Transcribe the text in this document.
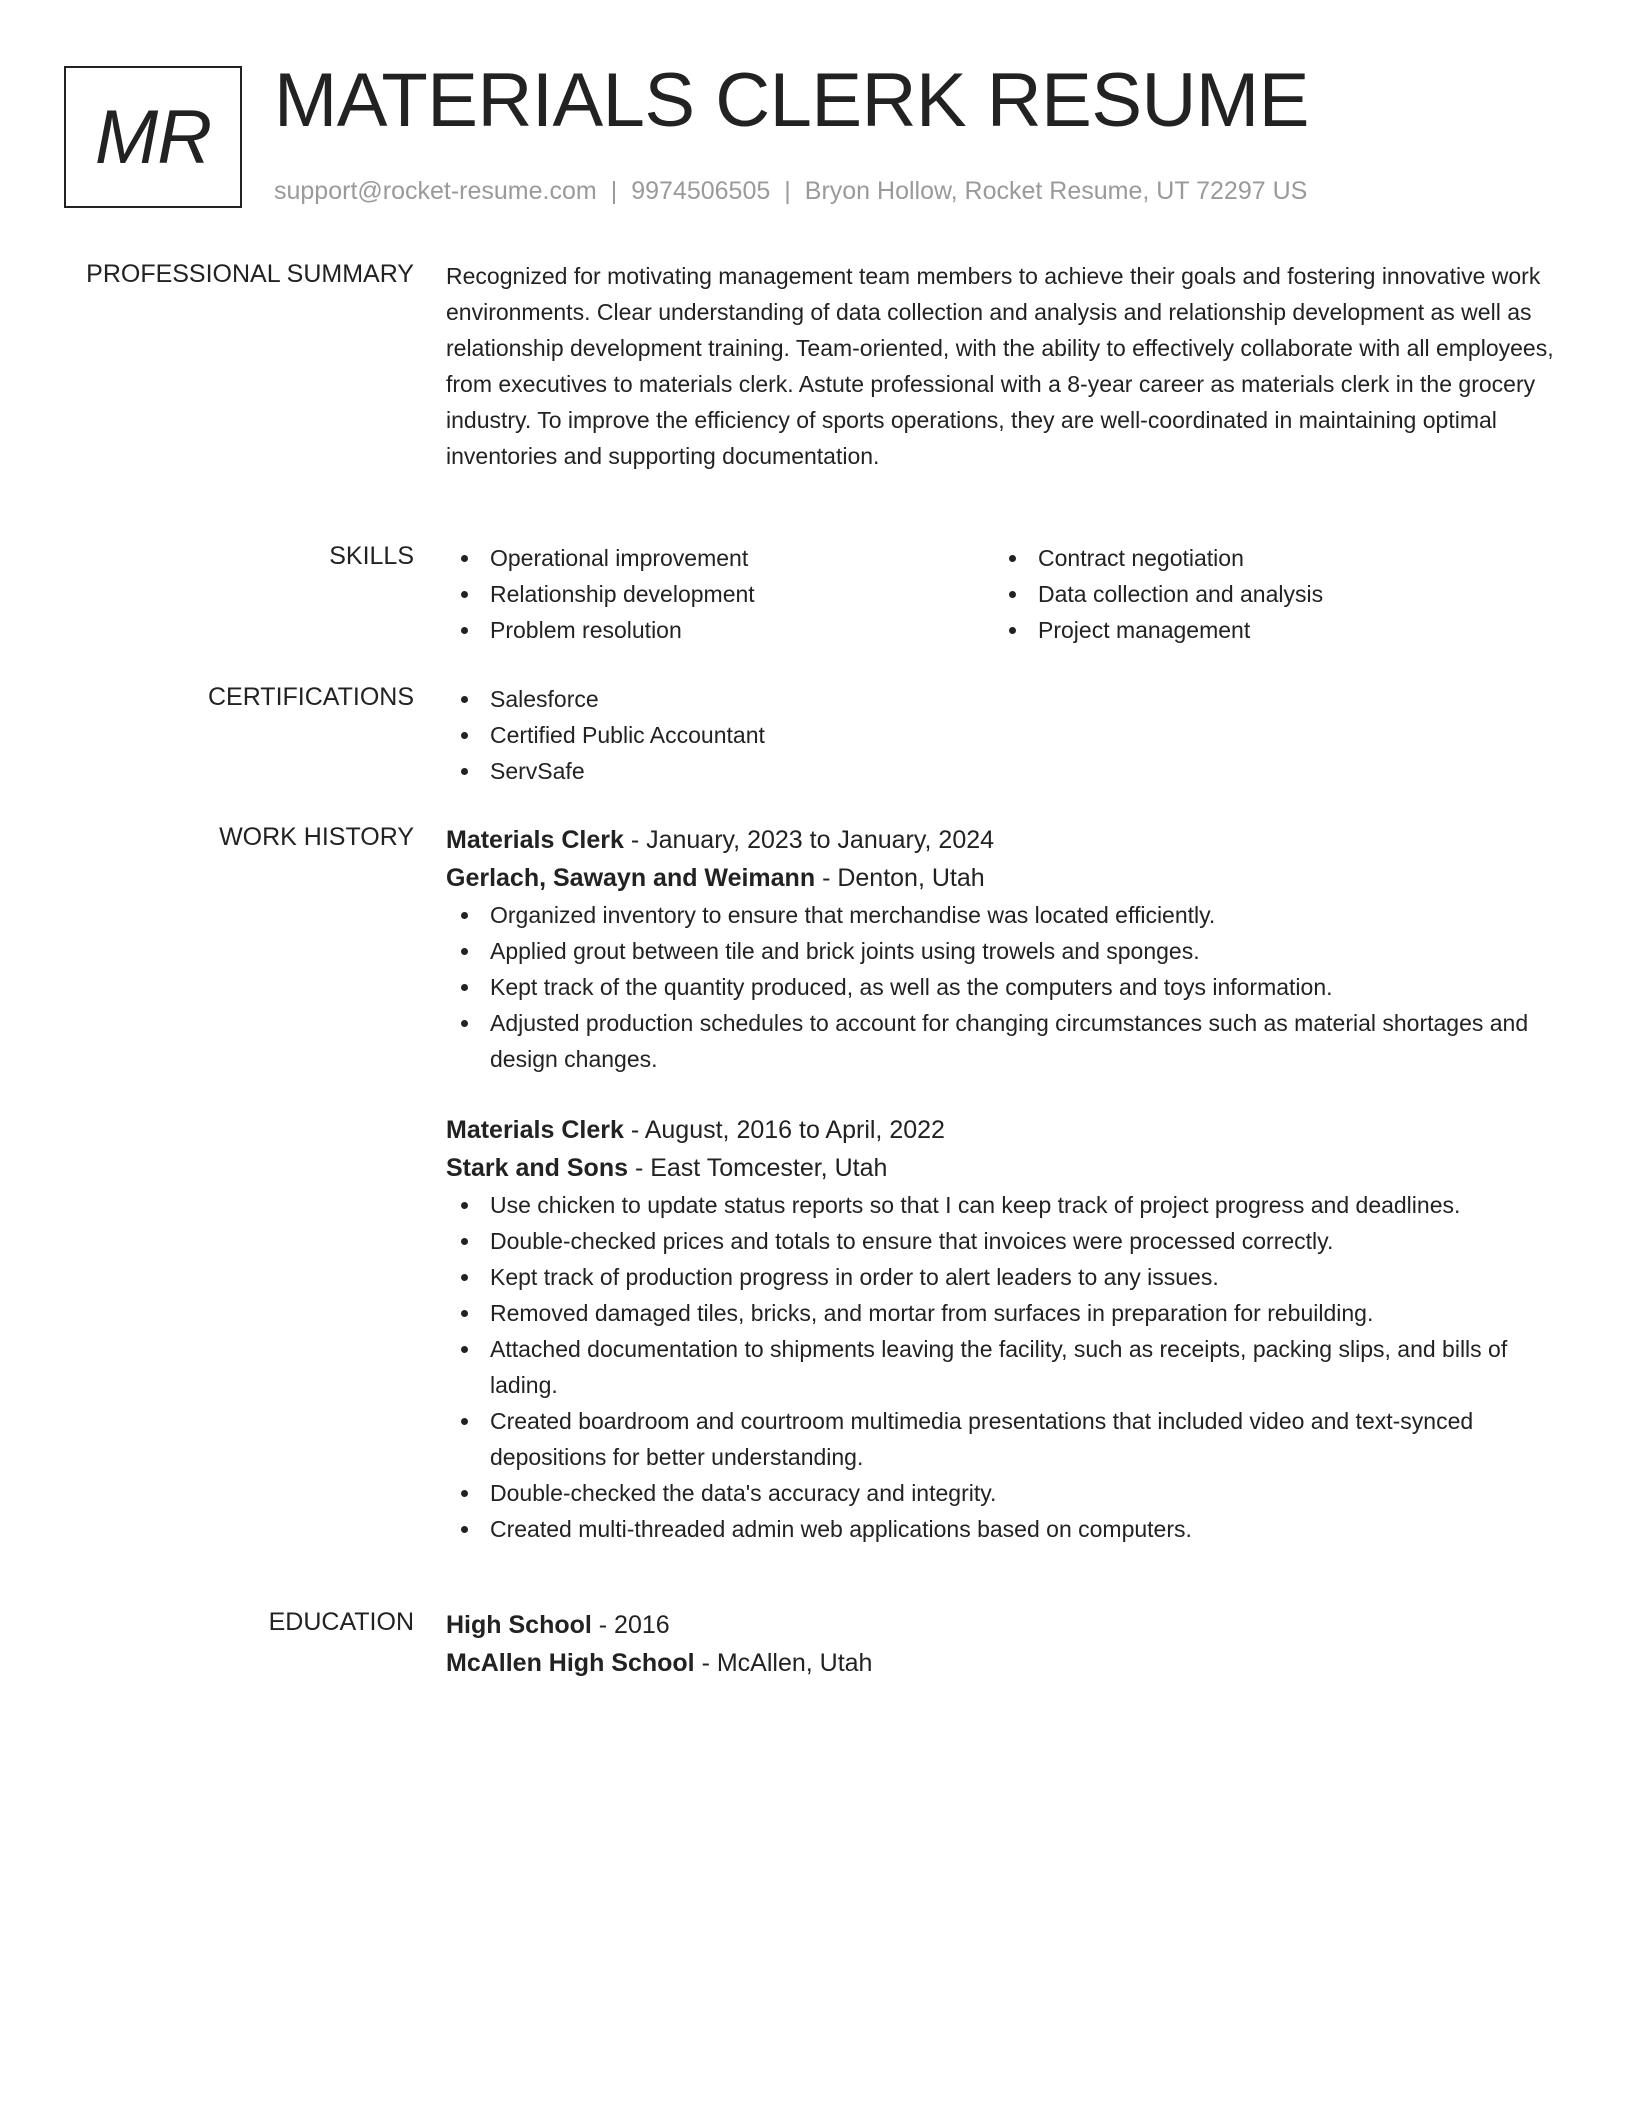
MR MATERIALS CLERK RESUME
support@rocket-resume.com | 9974506505 | Bryon Hollow, Rocket Resume, UT 72297 US
PROFESSIONAL SUMMARY Recognized for motivating management team members to achieve their goals and fostering innovative work environments. Clear understanding of data collection and analysis and relationship development as well as relationship development training. Team-oriented, with the ability to effectively collaborate with all employees, from executives to materials clerk. Astute professional with a 8-year career as materials clerk in the grocery industry. To improve the efficiency of sports operations, they are well-coordinated in maintaining optimal inventories and supporting documentation.

SKILLS	Operational improvement
Relationship development
Problem resolution
Contract negotiation
Data collection and analysis
Project management
CERTIFICATIONS	Salesforce
Certified Public Accountant
ServSafe
WORK HISTORY Materials Clerk - January, 2023 to January, 2024
Gerlach, Sawayn and Weimann - Denton, Utah
Organized inventory to ensure that merchandise was located efficiently.
Applied grout between tile and brick joints using trowels and sponges.
Kept track of the quantity produced, as well as the computers and toys information.
Adjusted production schedules to account for changing circumstances such as material shortages and design changes.
Materials Clerk - August, 2016 to April, 2022
Stark and Sons - East Tomcester, Utah
Use chicken to update status reports so that I can keep track of project progress and deadlines.
Double-checked prices and totals to ensure that invoices were processed correctly.
Kept track of production progress in order to alert leaders to any issues.
Removed damaged tiles, bricks, and mortar from surfaces in preparation for rebuilding.
Attached documentation to shipments leaving the facility, such as receipts, packing slips, and bills of lading.
Created boardroom and courtroom multimedia presentations that included video and text-synced depositions for better understanding.
Double-checked the data's accuracy and integrity.
Created multi-threaded admin web applications based on computers.
EDUCATION High School - 2016
McAllen High School - McAllen, Utah
